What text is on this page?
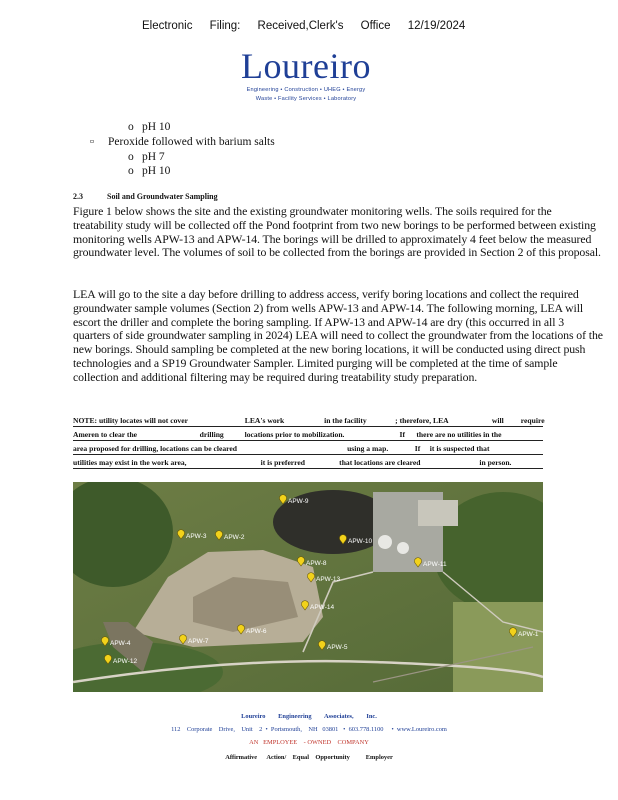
Electronic Filing: Received,Clerk's Office 12/19/2024
Loureiro
Engineering • Construction • UHEG • Energy
Waste • Facility Services • Laboratory
o pH 10
▫ Peroxide followed with barium salts
o pH 7
o pH 10
2.3	Soil and Groundwater Sampling

Figure 1 below shows the site and the existing groundwater monitoring wells. The soils required for the treatability study will be collected off the Pond footprint from two new borings to be performed between existing monitoring wells APW-13 and APW-14. The borings will be drilled to approximately 4 feet below the measured groundwater level. The volumes of soil to be collected from the borings are provided in Section 2 of this proposal.

LEA will go to the site a day before drilling to address access, verify boring locations and collect the required groundwater sample volumes (Section 2) from wells APW-13 and APW-14. The following morning, LEA will escort the driller and complete the boring sampling. If APW-13 and APW-14 are dry (this occurred in all 3 quarters of side groundwater sampling in 2024) LEA will need to collect the groundwater from the locations of the new borings. Should sampling be completed at the new boring locations, it will be conducted using direct push technologies and a SP19 Groundwater Sampler. Limited purging will be completed at the time of sample collection and additional filtering may be required during treatability study preparation.

NOTE: utility locates will not cover                              LEA's work                     in the facility               ; therefore, LEA                       will         require
Ameren to clear the                                 drilling           locations prior to mobilization.                             If      there are no utilities in the
area proposed for drilling, locations can be cleared                                                          using a map.              If     it is suspected that
utilities may exist in the work area,                                       it is preferred                  that locations are cleared                               in person.
APW-2
APW-1
APW-9
APW-8
APW-10
APW-11
APW-13
APW-14
APW-6
APW-7
APW-4
APW-12
APW-5
APW-3
Loureiro        Engineering        Associates,        Inc.
112    Corporate    Drive,    Unit    2  •  Portsmouth,    NH   03801   •  603.778.1100     •  www.Loureiro.com
AN   EMPLOYEE    - OWNED    COMPANY
Affirmative      Action/    Equal    Opportunity          Employer
